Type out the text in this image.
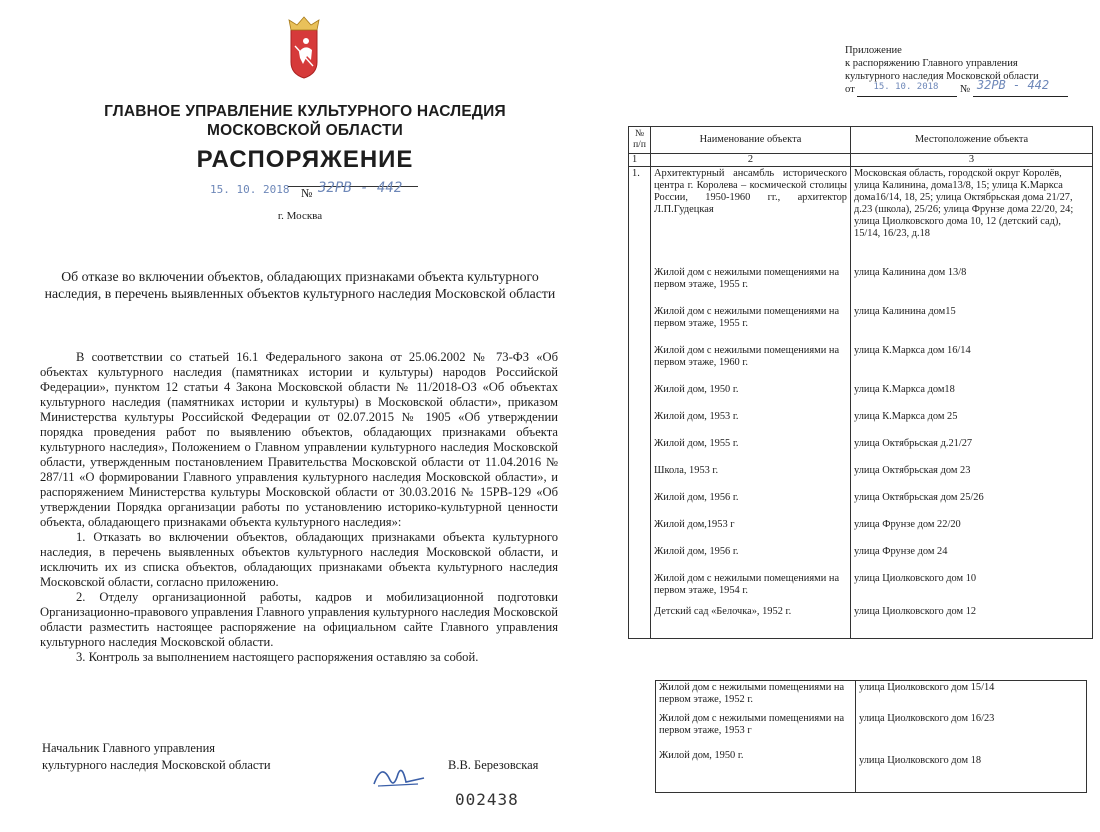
ГЛАВНОЕ УПРАВЛЕНИЕ КУЛЬТУРНОГО НАСЛЕДИЯ
МОСКОВСКОЙ ОБЛАСТИ
РАСПОРЯЖЕНИЕ
15. 10. 2018 № 32PB - 442
г. Москва
Об отказе во включении объектов, обладающих признаками объекта культурного
наследия, в перечень выявленных объектов культурного наследия Московской области

В соответствии со статьей 16.1 Федерального закона от 25.06.2002 № 73-ФЗ «Об объектах культурного наследия (памятниках истории и культуры) народов Российской Федерации», пунктом 12 статьи 4 Закона Московской области № 11/2018-ОЗ «Об объектах культурного наследия (памятниках истории и культуры) в Московской области», приказом Министерства культуры Российской Федерации от 02.07.2015 № 1905 «Об утверждении порядка проведения работ по выявлению объектов, обладающих признаками объекта культурного наследия», Положением о Главном управлении культурного наследия Московской области, утвержденным постановлением Правительства Московской области от 11.04.2016 № 287/11 «О формировании Главного управления культурного наследия Московской области», и распоряжением Министерства культуры Московской области от 30.03.2016 № 15РВ-129 «Об утверждении Порядка организации работы по установлению историко-культурной ценности объекта, обладающего признаками объекта культурного наследия»:

1. Отказать во включении объектов, обладающих признаками объекта культурного наследия, в перечень выявленных объектов культурного наследия Московской области, и исключить их из списка объектов, обладающих признаками объекта культурного наследия Московской области, согласно приложению.

2. Отделу организационной работы, кадров и мобилизационной подготовки Организационно-правового управления Главного управления культурного наследия Московской области разместить настоящее распоряжение на официальном сайте Главного управления культурного наследия Московской области.

3. Контроль за выполнением настоящего распоряжения оставляю за собой.

Начальник Главного управления
культурного наследия Московской области	В.В. Березовская
002438
Приложение
к распоряжению Главного управления
культурного наследия Московской области
от 15. 10. 2018 № 32PB - 442

№ п/п	Наименование объекта	Местоположение объекта
1	2	3
1.	Архитектурный ансамбль исторического центра г. Королева – космической столицы России, 1950-1960 гг., архитектор Л.П.Гудецкая	Московская область, городской округ Королёв, улица Калинина, дома13/8, 15; улица К.Маркса дома16/14, 18, 25; улица Октябрьская дома 21/27, д.23 (школа), 25/26; улица Фрунзе дома 22/20, 24; улица Циолковского дома 10, 12 (детский сад), 15/14, 16/23, д.18
	Жилой дом с нежилыми помещениями на первом этаже, 1955 г.	улица Калинина дом 13/8
	Жилой дом с нежилыми помещениями на первом этаже, 1955 г.	улица Калинина дом15
	Жилой дом с нежилыми помещениями на первом этаже, 1960 г.	улица К.Маркса дом 16/14
	Жилой дом, 1950 г.	улица К.Маркса дом18
	Жилой дом, 1953 г.	улица К.Маркса дом 25
	Жилой дом, 1955 г.	улица Октябрьская д.21/27
	Школа, 1953 г.	улица Октябрьская дом 23
	Жилой дом, 1956 г.	улица Октябрьская дом 25/26
	Жилой дом,1953 г	улица Фрунзе дом 22/20
	Жилой дом, 1956 г.	улица Фрунзе дом 24
	Жилой дом с нежилыми помещениями на первом этаже, 1954 г.	улица Циолковского дом 10
	Детский сад «Белочка», 1952 г.	улица Циолковского дом 12
Жилой дом с нежилыми помещениями на первом этаже, 1952 г.	улица Циолковского дом 15/14
Жилой дом с нежилыми помещениями на первом этаже, 1953 г	улица Циолковского дом 16/23
Жилой дом, 1950 г.	улица Циолковского дом 18
